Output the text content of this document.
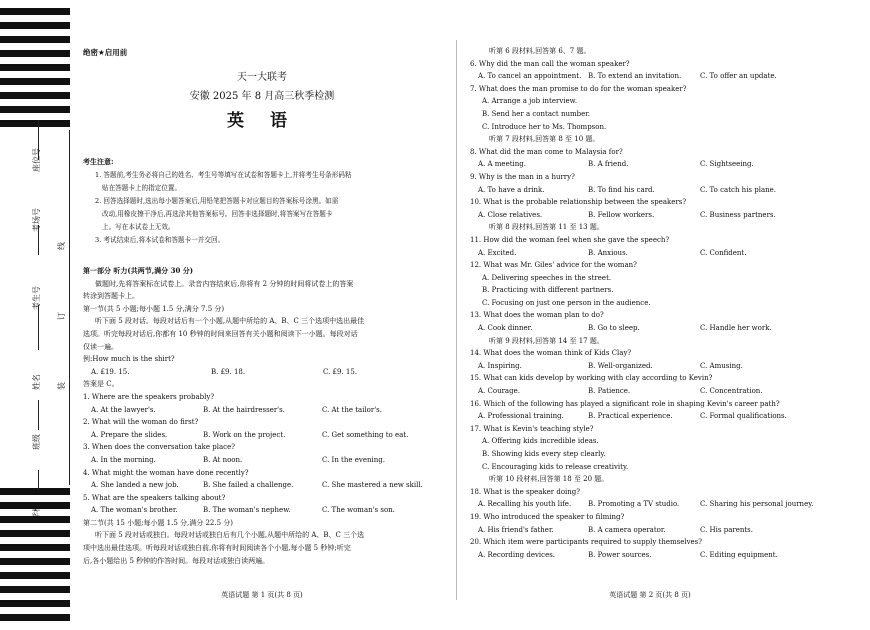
座位号
考场号
考生号
姓名
班级
学校
线
订
装
绝密★启用前
天一大联考
安徽 2025 年 8 月高三秋季检测
英 语
考生注意:
1. 答题前,考生务必将自己的姓名、考生号等填写在试卷和答题卡上,并将考生号条形码粘
贴在答题卡上的指定位置。
2. 回答选择题时,选出每小题答案后,用铅笔把答题卡对应题目的答案标号涂黑。如需
改动,用橡皮擦干净后,再选涂其他答案标号。回答非选择题时,将答案写在答题卡
上。写在本试卷上无效。
3. 考试结束后,将本试卷和答题卡一并交回。
第一部分 听力(共两节,满分 30 分)
做题时,先将答案标在试卷上。录音内容结束后,你将有 2 分钟的时间将试卷上的答案
转涂到答题卡上。
第一节(共 5 小题;每小题 1.5 分,满分 7.5 分)
听下面 5 段对话。每段对话后有一个小题,从题中所给的 A、B、C 三个选项中选出最佳
选项。听完每段对话后,你都有 10 秒钟的时间来回答有关小题和阅读下一小题。每段对话
仅读一遍。
例:How much is the shirt?
A. £19. 15.	B. £9. 18.	C. £9. 15.
答案是 C。
1. Where are the speakers probably?
A. At the lawyer's.	B. At the hairdresser's.	C. At the tailor's.
2. What will the woman do first?
A. Prepare the slides.	B. Work on the project.	C. Get something to eat.
3. When does the conversation take place?
A. In the morning.	B. At noon.	C. In the evening.
4. What might the woman have done recently?
A. She landed a new job.	B. She failed a challenge.	C. She mastered a new skill.
5. What are the speakers talking about?
A. The woman's brother.	B. The woman's nephew.	C. The woman's son.
第二节(共 15 小题;每小题 1.5 分,满分 22.5 分)
听下面 5 段对话或独白。每段对话或独白后有几个小题,从题中所给的 A、B、C 三个选
项中选出最佳选项。听每段对话或独白前,你将有时间阅读各个小题,每小题 5 秒钟;听完
后,各小题给出 5 秒钟的作答时间。每段对话或独白读两遍。
英语试题 第 1 页(共 8 页)
听第 6 段材料,回答第 6、7 题。
6. Why did the man call the woman speaker?
A. To cancel an appointment. B. To extend an invitation.	C. To offer an update.
7. What does the man promise to do for the woman speaker?
A. Arrange a job interview.
B. Send her a contact number.
C. Introduce her to Ms. Thompson.
听第 7 段材料,回答第 8 至 10 题。
8. What did the man come to Malaysia for?
A. A meeting.	B. A friend.	C. Sightseeing.
9. Why is the man in a hurry?
A. To have a drink.	B. To find his card.	C. To catch his plane.
10. What is the probable relationship between the speakers?
A. Close relatives.	B. Fellow workers.	C. Business partners.
听第 8 段材料,回答第 11 至 13 题。
11. How did the woman feel when she gave the speech?
A. Excited.	B. Anxious.	C. Confident.
12. What was Mr. Giles' advice for the woman?
A. Delivering speeches in the street.
B. Practicing with different partners.
C. Focusing on just one person in the audience.
13. What does the woman plan to do?
A. Cook dinner.	B. Go to sleep.	C. Handle her work.
听第 9 段材料,回答第 14 至 17 题。
14. What does the woman think of Kids Clay?
A. Inspiring.	B. Well-organized.	C. Amusing.
15. What can kids develop by working with clay according to Kevin?
A. Courage.	B. Patience.	C. Concentration.
16. Which of the following has played a significant role in shaping Kevin's career path?
A. Professional training.	B. Practical experience.	C. Formal qualifications.
17. What is Kevin's teaching style?
A. Offering kids incredible ideas.
B. Showing kids every step clearly.
C. Encouraging kids to release creativity.
听第 10 段材料,回答第 18 至 20 题。
18. What is the speaker doing?
A. Recalling his youth life.	B. Promoting a TV studio.	C. Sharing his personal journey.
19. Who introduced the speaker to filming?
A. His friend's father.	B. A camera operator.	C. His parents.
20. Which item were participants required to supply themselves?
A. Recording devices.	B. Power sources.	C. Editing equipment.
英语试题 第 2 页(共 8 页)
